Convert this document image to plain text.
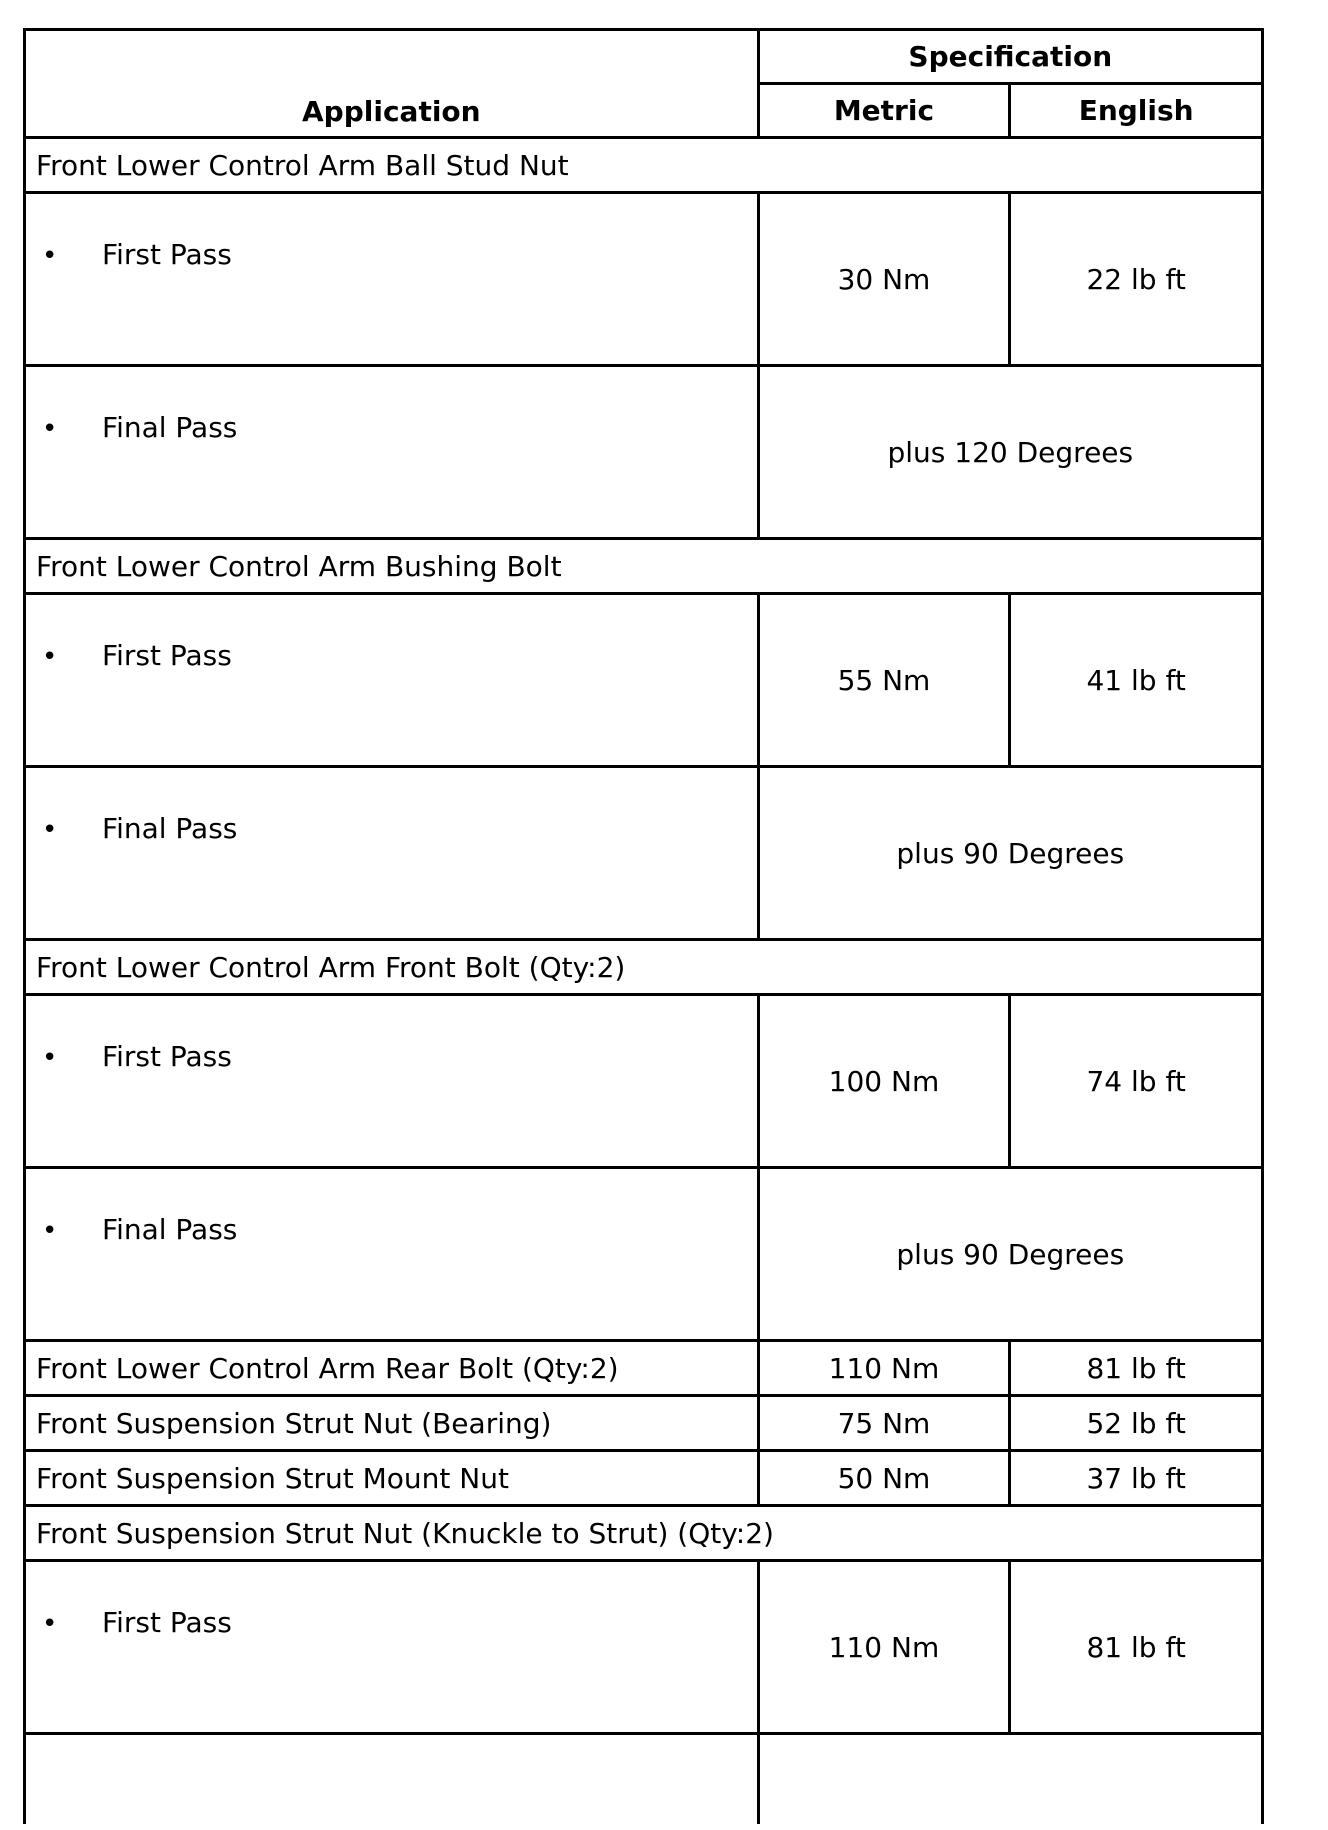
Application	Specification	
	Metric	English
Front Lower Control Arm Ball Stud Nut		
• First Pass	30 Nm	22 lb ft
• Final Pass	plus 120 Degrees	
Front Lower Control Arm Bushing Bolt		
• First Pass	55 Nm	41 lb ft
• Final Pass	plus 90 Degrees	
Front Lower Control Arm Front Bolt (Qty:2)		
• First Pass	100 Nm	74 lb ft
• Final Pass	plus 90 Degrees	
Front Lower Control Arm Rear Bolt (Qty:2)	110 Nm	81 lb ft
Front Suspension Strut Nut (Bearing)	75 Nm	52 lb ft
Front Suspension Strut Mount Nut	50 Nm	37 lb ft
Front Suspension Strut Nut (Knuckle to Strut) (Qty:2)		
• First Pass	110 Nm	81 lb ft
